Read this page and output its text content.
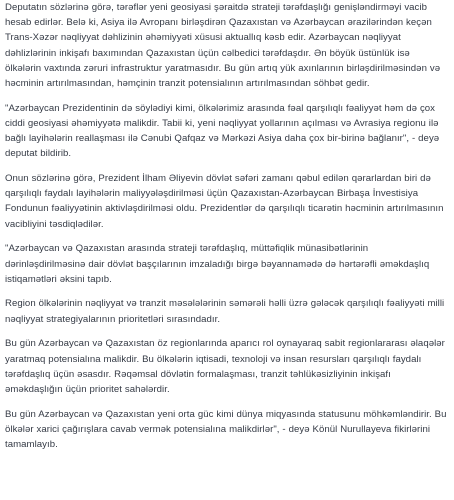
Deputatın sözlərinə görə, tərəflər yeni geosiyasi şəraitdə strateji tərəfdaşlığı genişləndirməyi vacib hesab edirlər. Belə ki, Asiya ilə Avropanı birləşdirən Qazaxıstan və Azərbaycan ərazilərindən keçən Trans-Xəzər nəqliyyat dəhlizinin əhəmiyyəti xüsusi aktuallıq kəsb edir. Azərbaycan nəqliyyat dəhlizlərinin inkişafı baxımından Qazaxıstan üçün cəlbedici tərəfdaşdır. Ən böyük üstünlük isə ölkələrin vaxtında zəruri infrastruktur yaratmasıdır. Bu gün artıq yük axınlarının birləşdirilməsindən və həcminin artırılmasından, həmçinin tranzit potensialının artırılmasından söhbət gedir.

"Azərbaycan Prezidentinin də söylədiyi kimi, ölkələrimiz arasında fəal qarşılıqlı fəaliyyət həm də çox ciddi geosiyasi əhəmiyyətə malikdir. Tabii ki, yeni nəqliyyat yollarının açılması və Avrasiya regionu ilə bağlı layihələrin reallaşması ilə Cənubi Qafqaz və Mərkəzi Asiya daha çox bir-birinə bağlanır", - deyə deputat bildirib.

Onun sözlərinə görə, Prezident İlham Əliyevin dövlət səfəri zamanı qəbul edilən qərarlardan biri də qarşılıqlı faydalı layihələrin maliyyələşdirilməsi üçün Qazaxıstan-Azərbaycan Birbaşa İnvestisiya Fondunun fəaliyyətinin aktivləşdirilməsi oldu. Prezidentlər də qarşılıqlı ticarətin həcminin artırılmasının vacibliyini təsdiqlədilər.

"Azərbaycan və Qazaxıstan arasında strateji tərəfdaşlıq, müttəfiqlik münasibətlərinin dərinləşdirilməsinə dair dövlət başçılarının imzaladığı birgə bəyannamədə də hərtərəfli əməkdaşlıq istiqamətləri əksini tapıb.

Region ölkələrinin nəqliyyat və tranzit məsələlərinin səmərəli həlli üzrə gələcək qarşılıqlı fəaliyyəti milli nəqliyyat strategiyalarının prioritetləri sırasındadır.

Bu gün Azərbaycan və Qazaxıstan öz regionlarında aparıcı rol oynayaraq sabit regionlararası əlaqələr yaratmaq potensialına malikdir. Bu ölkələrin iqtisadi, texnoloji və insan resursları qarşılıqlı faydalı tərəfdaşlıq üçün əsasdır. Rəqəmsal dövlətin formalaşması, tranzit təhlükəsizliyinin inkişafı əməkdaşlığın üçün prioritet sahələrdir.

Bu gün Azərbaycan və Qazaxıstan yeni orta güc kimi dünya miqyasında statusunu möhkəmləndirir. Bu ölkələr xarici çağırışlara cavab vermək potensialına malikdirlər", - deyə Könül Nurullayeva fikirlərini tamamlayıb.
